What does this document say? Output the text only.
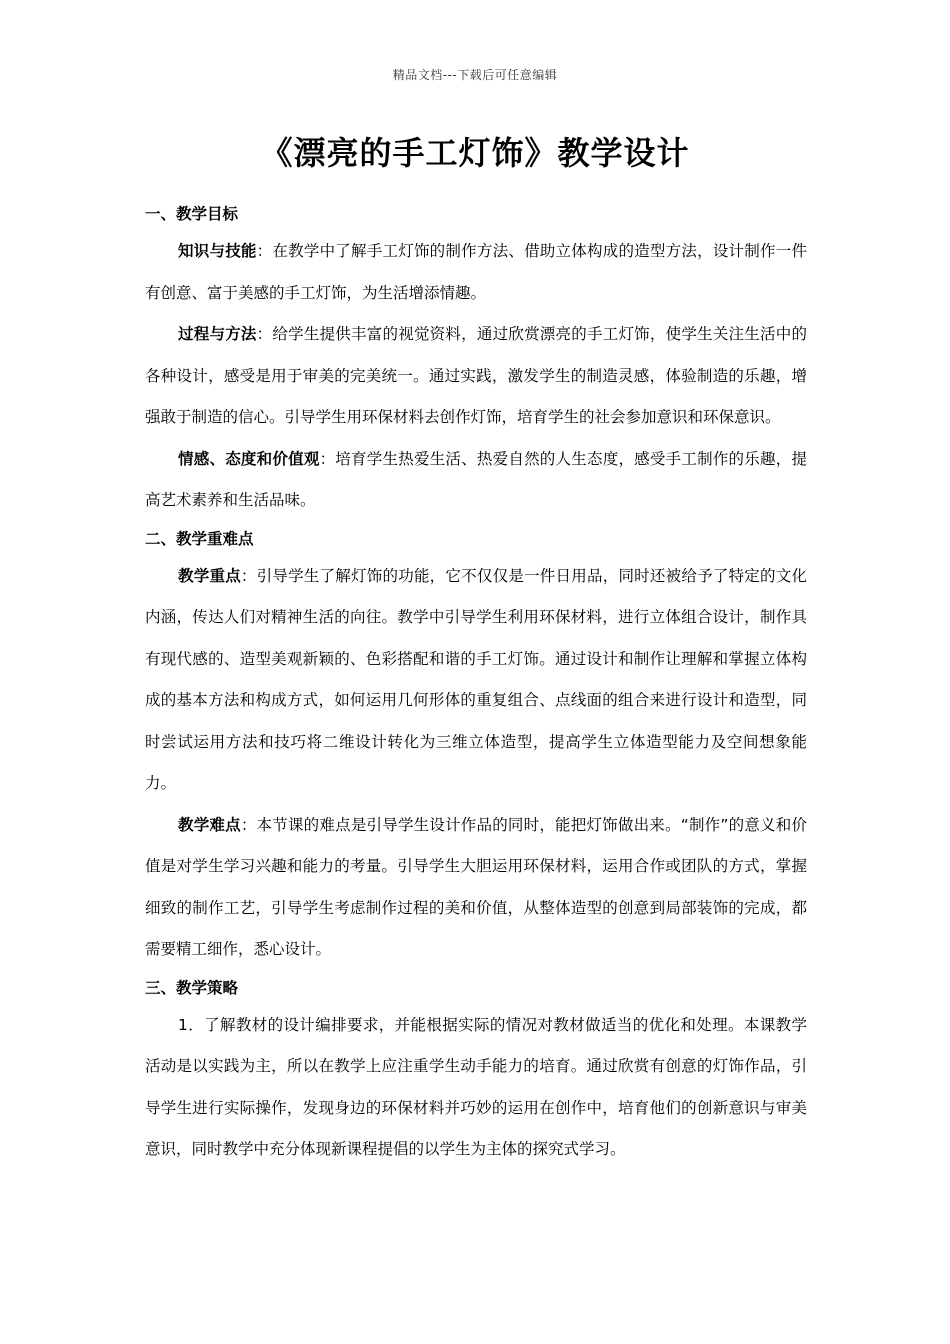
精品文档---下载后可任意编辑
《漂亮的手工灯饰》教学设计
一、教学目标

知识与技能：在教学中了解手工灯饰的制作方法、借助立体构成的造型方法，设计制作一件有创意、富于美感的手工灯饰，为生活增添情趣。

过程与方法：给学生提供丰富的视觉资料，通过欣赏漂亮的手工灯饰，使学生关注生活中的各种设计，感受是用于审美的完美统一。通过实践，激发学生的制造灵感，体验制造的乐趣，增强敢于制造的信心。引导学生用环保材料去创作灯饰，培育学生的社会参加意识和环保意识。

情感、态度和价值观：培育学生热爱生活、热爱自然的人生态度，感受手工制作的乐趣，提高艺术素养和生活品味。

二、教学重难点

教学重点：引导学生了解灯饰的功能，它不仅仅是一件日用品，同时还被给予了特定的文化内涵，传达人们对精神生活的向往。教学中引导学生利用环保材料，进行立体组合设计，制作具有现代感的、造型美观新颖的、色彩搭配和谐的手工灯饰。通过设计和制作让理解和掌握立体构成的基本方法和构成方式，如何运用几何形体的重复组合、点线面的组合来进行设计和造型，同时尝试运用方法和技巧将二维设计转化为三维立体造型，提高学生立体造型能力及空间想象能力。

教学难点：本节课的难点是引导学生设计作品的同时，能把灯饰做出来。“制作”的意义和价值是对学生学习兴趣和能力的考量。引导学生大胆运用环保材料，运用合作或团队的方式，掌握细致的制作工艺，引导学生考虑制作过程的美和价值，从整体造型的创意到局部装饰的完成，都需要精工细作，悉心设计。

三、教学策略

1．了解教材的设计编排要求，并能根据实际的情况对教材做适当的优化和处理。本课教学活动是以实践为主，所以在教学上应注重学生动手能力的培育。通过欣赏有创意的灯饰作品，引导学生进行实际操作，发现身边的环保材料并巧妙的运用在创作中，培育他们的创新意识与审美意识，同时教学中充分体现新课程提倡的以学生为主体的探究式学习。
